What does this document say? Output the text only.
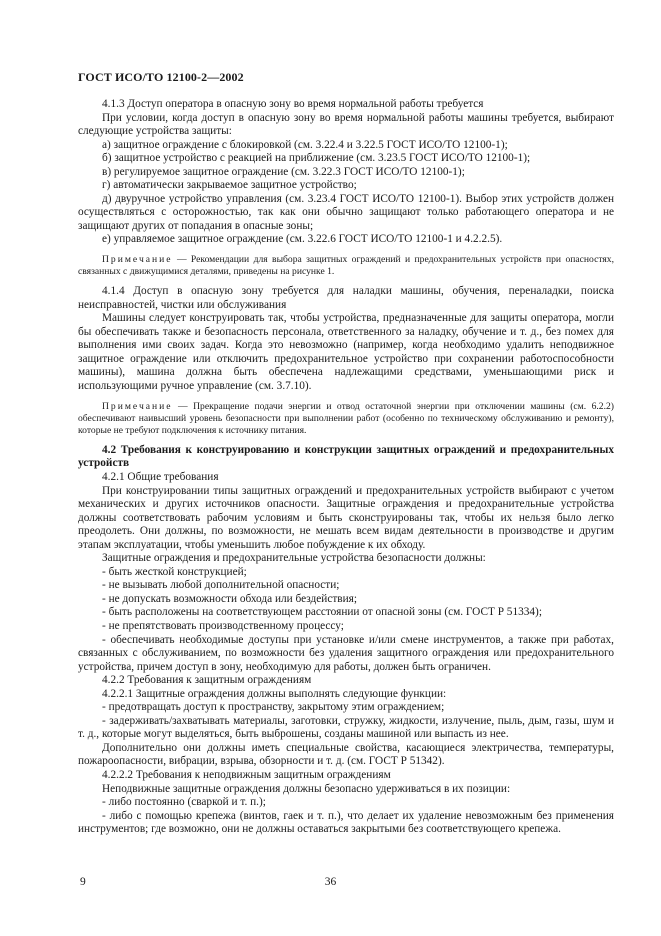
ГОСТ ИСО/ТО 12100-2—2002

4.1.3 Доступ оператора в опасную зону во время нормальной работы требуется

При условии, когда доступ в опасную зону во время нормальной работы машины требуется, выбирают следующие устройства защиты:

а) защитное ограждение с блокировкой (см. 3.22.4 и 3.22.5 ГОСТ ИСО/ТО 12100-1);

б) защитное устройство с реакцией на приближение (см. 3.23.5 ГОСТ ИСО/ТО 12100-1);

в) регулируемое защитное ограждение (см. 3.22.3 ГОСТ ИСО/ТО 12100-1);

г) автоматически закрываемое защитное устройство;

д) двуручное устройство управления (см. 3.23.4 ГОСТ ИСО/ТО 12100-1). Выбор этих устройств должен осуществляться с осторожностью, так как они обычно защищают только работающего оператора и не защищают других от попадания в опасные зоны;

е) управляемое защитное ограждение (см. 3.22.6 ГОСТ ИСО/ТО 12100-1 и 4.2.2.5).

Примечание — Рекомендации для выбора защитных ограждений и предохранительных устройств при опасностях, связанных с движущимися деталями, приведены на рисунке 1.

4.1.4 Доступ в опасную зону требуется для наладки машины, обучения, переналадки, поиска неисправностей, чистки или обслуживания

Машины следует конструировать так, чтобы устройства, предназначенные для защиты оператора, могли бы обеспечивать также и безопасность персонала, ответственного за наладку, обучение и т. д., без помех для выполнения ими своих задач. Когда это невозможно (например, когда необходимо удалить неподвижное защитное ограждение или отключить предохранительное устройство при сохранении работоспособности машины), машина должна быть обеспечена надлежащими средствами, уменьшающими риск и использующими ручное управление (см. 3.7.10).

Примечание — Прекращение подачи энергии и отвод остаточной энергии при отключении машины (см. 6.2.2) обеспечивают наивысший уровень безопасности при выполнении работ (особенно по техническому обслуживанию и ремонту), которые не требуют подключения к источнику питания.

4.2 Требования к конструированию и конструкции защитных ограждений и предохранительных устройств

4.2.1 Общие требования

При конструировании типы защитных ограждений и предохранительных устройств выбирают с учетом механических и других источников опасности. Защитные ограждения и предохранительные устройства должны соответствовать рабочим условиям и быть сконструированы так, чтобы их нельзя было легко преодолеть. Они должны, по возможности, не мешать всем видам деятельности в производстве и другим этапам эксплуатации, чтобы уменьшить любое побуждение к их обходу.

Защитные ограждения и предохранительные устройства безопасности должны:

- быть жесткой конструкцией;

- не вызывать любой дополнительной опасности;

- не допускать возможности обхода или бездействия;

- быть расположены на соответствующем расстоянии от опасной зоны (см. ГОСТ Р 51334);

- не препятствовать производственному процессу;

- обеспечивать необходимые доступы при установке и/или смене инструментов, а также при работах, связанных с обслуживанием, по возможности без удаления защитного ограждения или предохранительного устройства, причем доступ в зону, необходимую для работы, должен быть ограничен.

4.2.2 Требования к защитным ограждениям

4.2.2.1 Защитные ограждения должны выполнять следующие функции:

- предотвращать доступ к пространству, закрытому этим ограждением;

- задерживать/захватывать материалы, заготовки, стружку, жидкости, излучение, пыль, дым, газы, шум и т. д., которые могут выделяться, быть выброшены, созданы машиной или выпасть из нее.

Дополнительно они должны иметь специальные свойства, касающиеся электричества, температуры, пожароопасности, вибрации, взрыва, обзорности и т. д. (см. ГОСТ Р 51342).

4.2.2.2 Требования к неподвижным защитным ограждениям

Неподвижные защитные ограждения должны безопасно удерживаться в их позиции:

- либо постоянно (сваркой и т. п.);

- либо с помощью крепежа (винтов, гаек и т. п.), что делает их удаление невозможным без применения инструментов; где возможно, они не должны оставаться закрытыми без соответствующего крепежа.

9	36
